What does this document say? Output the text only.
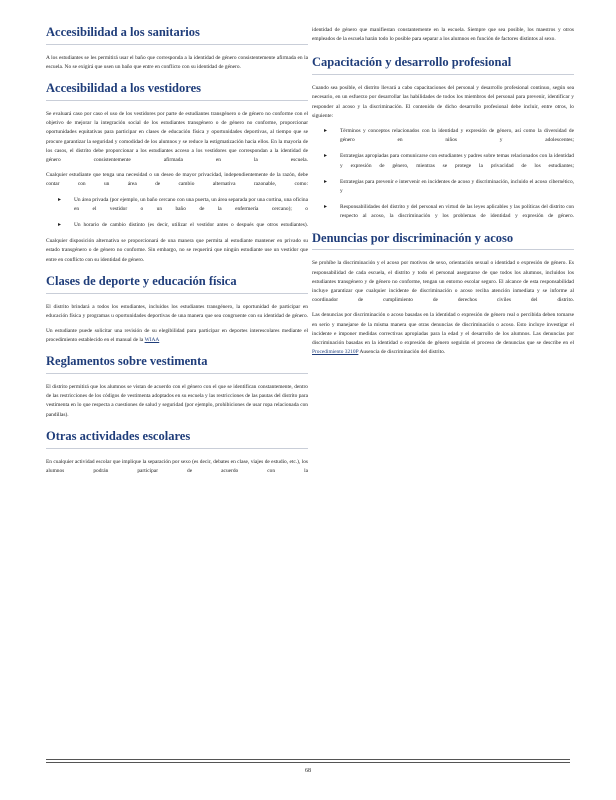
Accesibilidad a los sanitarios

A los estudiantes se les permitirá usar el baño que corresponda a la identidad de género consistentemente afirmada en la escuela. No se exigirá que usen un baño que entre en conflicto con su identidad de género.

Accesibilidad a los vestidores

Se evaluará caso por caso el uso de los vestidores por parte de estudiantes transgénero o de género no conforme con el objetivo de mejorar la integración social de los estudiantes transgénero o de género no conforme, proporcionar oportunidades equitativas para participar en clases de educación física y oportunidades deportivas, al tiempo que se procure garantizar la seguridad y comodidad de los alumnos y se reduce la estigmatización hacia ellos. En la mayoría de los casos, el distrito debe proporcionar a los estudiantes acceso a los vestidores que correspondan a la identidad de género consistentemente afirmada en la escuela.

Cualquier estudiante que tenga una necesidad o un deseo de mayor privacidad, independientemente de la razón, debe contar con un área de cambio alternativa razonable, como:

▸ Un área privada (por ejemplo, un baño cercano con una puerta, un área separada por una cortina, una oficina en el vestidor o un baño de la enfermería cercano); o

▸ Un horario de cambio distinto (es decir, utilizar el vestidor antes o después que otros estudiantes).

Cualquier disposición alternativa se proporcionará de una manera que permita al estudiante mantener en privado su estado transgénero o de género no conforme. Sin embargo, no se requerirá que ningún estudiante use un vestidor que entre en conflicto con su identidad de género.

Clases de deporte y educación física

El distrito brindará a todos los estudiantes, incluidos los estudiantes transgénero, la oportunidad de participar en educación física y programas u oportunidades deportivas de una manera que sea congruente con su identidad de género.

Un estudiante puede solicitar una revisión de su elegibilidad para participar en deportes interescolares mediante el procedimiento establecido en el manual de la WIAA

Reglamentos sobre vestimenta

El distrito permitirá que los alumnos se vistan de acuerdo con el género con el que se identifican constantemente, dentro de las restricciones de los códigos de vestimenta adoptados en su escuela y las restricciones de las pautas del distrito para vestimenta en lo que respecta a cuestiones de salud y seguridad (por ejemplo, prohibiciones de usar ropa relacionada con pandillas).

Otras actividades escolares

En cualquier actividad escolar que implique la separación por sexo (es decir, debates en clase, viajes de estudio, etc.), los alumnos podrán participar de acuerdo con la

identidad de género que manifiestan constantemente en la escuela. Siempre que sea posible, los maestros y otros empleados de la escuela harán todo lo posible para separar a los alumnos en función de factores distintos al sexo.

Capacitación y desarrollo profesional

Cuando sea posible, el distrito llevará a cabo capacitaciones del personal y desarrollo profesional continuo, según sea necesario, en un esfuerzo por desarrollar las habilidades de todos los miembros del personal para prevenir, identificar y responder al acoso y la discriminación. El contenido de dicho desarrollo profesional debe incluir, entre otros, lo siguiente:

▸ Términos y conceptos relacionados con la identidad y expresión de género, así como la diversidad de género en niños y adolescentes;

▸ Estrategias apropiadas para comunicarse con estudiantes y padres sobre temas relacionados con la identidad y expresión de género, mientras se protege la privacidad de los estudiantes;

▸ Estrategias para prevenir e intervenir en incidentes de acoso y discriminación, incluido el acoso cibernético, y

▸ Responsabilidades del distrito y del personal en virtud de las leyes aplicables y las políticas del distrito con respecto al acoso, la discriminación y los problemas de identidad y expresión de género.

Denuncias por discriminación y acoso

Se prohíbe la discriminación y el acoso por motivos de sexo, orientación sexual o identidad o expresión de género. Es responsabilidad de cada escuela, el distrito y todo el personal asegurarse de que todos los alumnos, incluidos los estudiantes transgénero y de género no conforme, tengan un entorno escolar seguro. El alcance de esta responsabilidad incluye garantizar que cualquier incidente de discriminación o acoso reciba atención inmediata y se informe al coordinador de cumplimiento de derechos civiles del distrito.

Las denuncias por discriminación o acoso basadas en la identidad o expresión de género real o percibida deben tomarse en serio y manejarse de la misma manera que otras denuncias de discriminación o acoso. Esto incluye investigar el incidente e imponer medidas correctivas apropiadas para la edad y el desarrollo de los alumnos. Las denuncias por discriminación basadas en la identidad o expresión de género seguirán el proceso de denuncias que se describe en el Procedimiento 3210P Ausencia de discriminación del distrito.

68
